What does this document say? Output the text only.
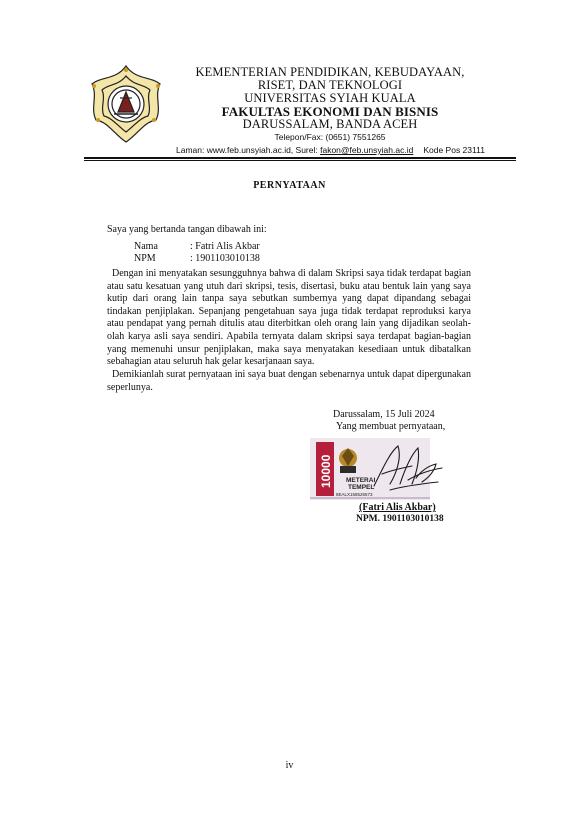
KEMENTERIAN PENDIDIKAN, KEBUDAYAAN,
RISET, DAN TEKNOLOGI
UNIVERSITAS SYIAH KUALA
FAKULTAS EKONOMI DAN BISNIS
DARUSSALAM, BANDA ACEH
Telepon/Fax: (0651) 7551265
Laman: www.feb.unsyiah.ac.id, Surel: fakon@feb.unsyiah.ac.id Kode Pos 23111
PERNYATAAN
Saya yang bertanda tangan dibawah ini:
Nama	: Fatri Alis Akbar
NPM	: 1901103010138

Dengan ini menyatakan sesungguhnya bahwa di dalam Skripsi saya tidak terdapat bagian atau satu kesatuan yang utuh dari skripsi, tesis, disertasi, buku atau bentuk lain yang saya kutip dari orang lain tanpa saya sebutkan sumbernya yang dapat dipandang sebagai tindakan penjiplakan. Sepanjang pengetahuan saya juga tidak terdapat reproduksi karya atau pendapat yang pernah ditulis atau diterbitkan oleh orang lain yang dijadikan seolah-olah karya asli saya sendiri. Apabila ternyata dalam skripsi saya terdapat bagian-bagian yang memenuhi unsur penjiplakan, maka saya menyatakan kesediaan untuk dibatalkan sebahagian atau seluruh hak gelar kesarjanaan saya.

Demikianlah surat pernyataan ini saya buat dengan sebenarnya untuk dapat dipergunakan seperlunya.

Darussalam, 15 Juli 2024
Yang membuat pernyataan,
10000 METERAI
TEMPEL
8EALX158526573
(Fatri Alis Akbar)
NPM. 1901103010138
iv
